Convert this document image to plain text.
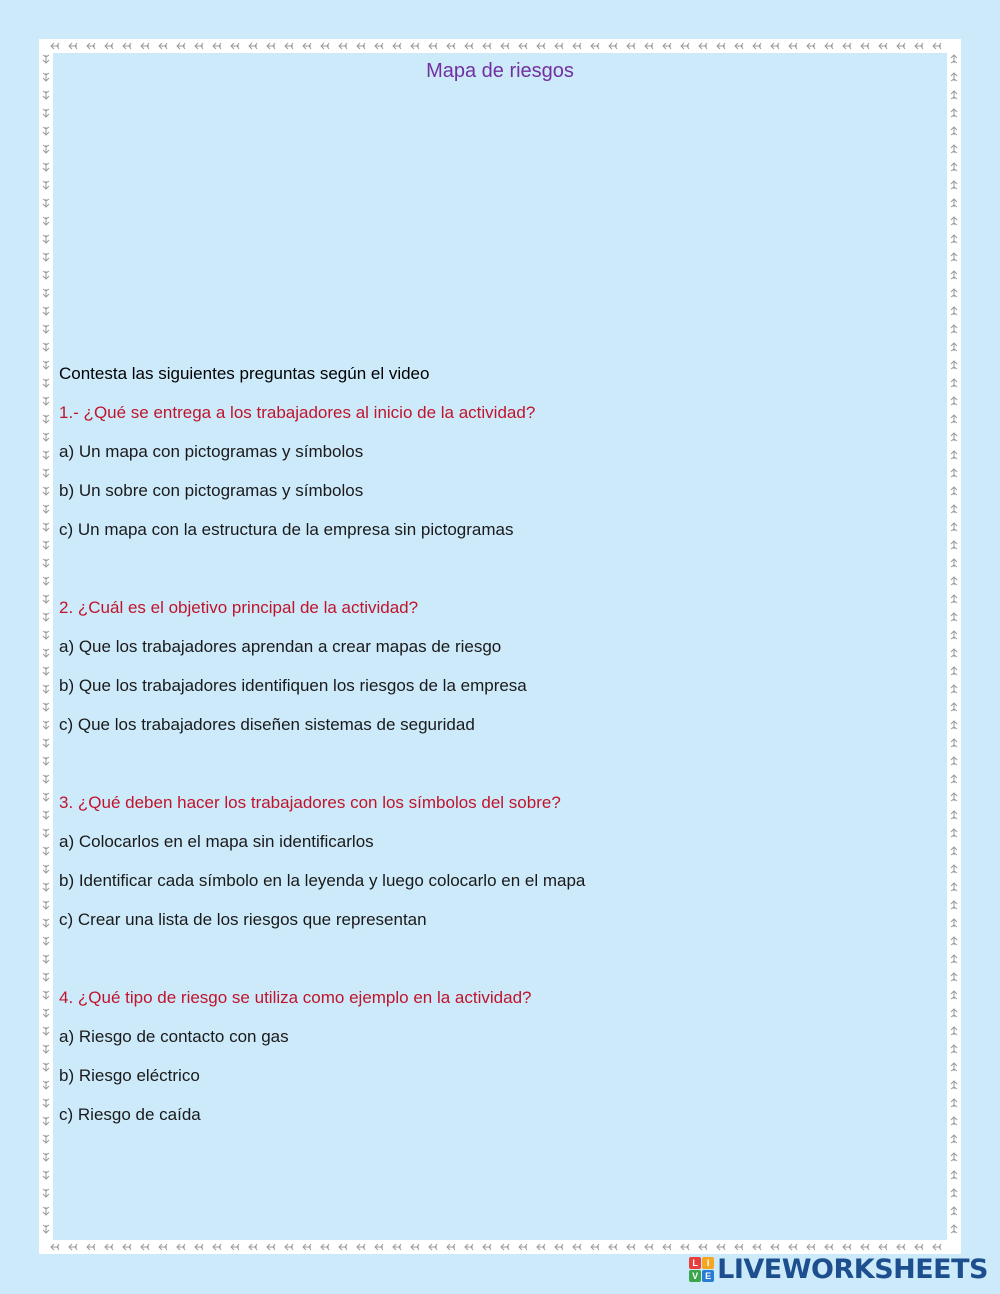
Mapa de riesgos
Contesta las siguientes preguntas según el video
1.- ¿Qué se entrega a los trabajadores al inicio de la actividad?
a) Un mapa con pictogramas y símbolos
b) Un sobre con pictogramas y símbolos
c) Un mapa con la estructura de la empresa sin pictogramas
2. ¿Cuál es el objetivo principal de la actividad?
a) Que los trabajadores aprendan a crear mapas de riesgo
b) Que los trabajadores identifiquen los riesgos de la empresa
c) Que los trabajadores diseñen sistemas de seguridad
3. ¿Qué deben hacer los trabajadores con los símbolos del sobre?
a) Colocarlos en el mapa sin identificarlos
b) Identificar cada símbolo en la leyenda y luego colocarlo en el mapa
c) Crear una lista de los riesgos que representan
4. ¿Qué tipo de riesgo se utiliza como ejemplo en la actividad?
a) Riesgo de contacto con gas
b) Riesgo eléctrico
c) Riesgo de caída
L I
V E LIVEWORKSHEETS
